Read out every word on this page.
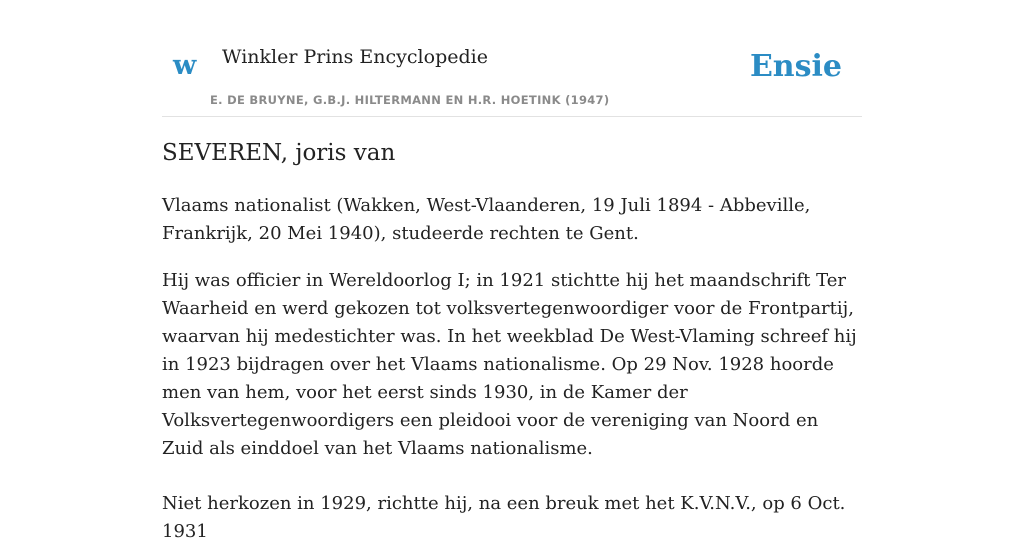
w Winkler Prins Encyclopedie
E. DE BRUYNE, G.B.J. HILTERMANN EN H.R. HOETINK (1947)
Ensie
SEVEREN, joris van

Vlaams nationalist (Wakken, West-Vlaanderen, 19 Juli 1894 - Abbeville, Frankrijk, 20 Mei 1940), studeerde rechten te Gent.

Hij was officier in Wereldoorlog I; in 1921 stichtte hij het maandschrift Ter Waarheid en werd gekozen tot volksvertegenwoordiger voor de Frontpartij, waarvan hij medestichter was. In het weekblad De West-Vlaming schreef hij in 1923 bijdragen over het Vlaams nationalisme. Op 29 Nov. 1928 hoorde men van hem, voor het eerst sinds 1930, in de Kamer der Volksvertegenwoordigers een pleidooi voor de vereniging van Noord en Zuid als einddoel van het Vlaams nationalisme.

Niet herkozen in 1929, richtte hij, na een breuk met het K.V.N.V., op 6 Oct. 1931
